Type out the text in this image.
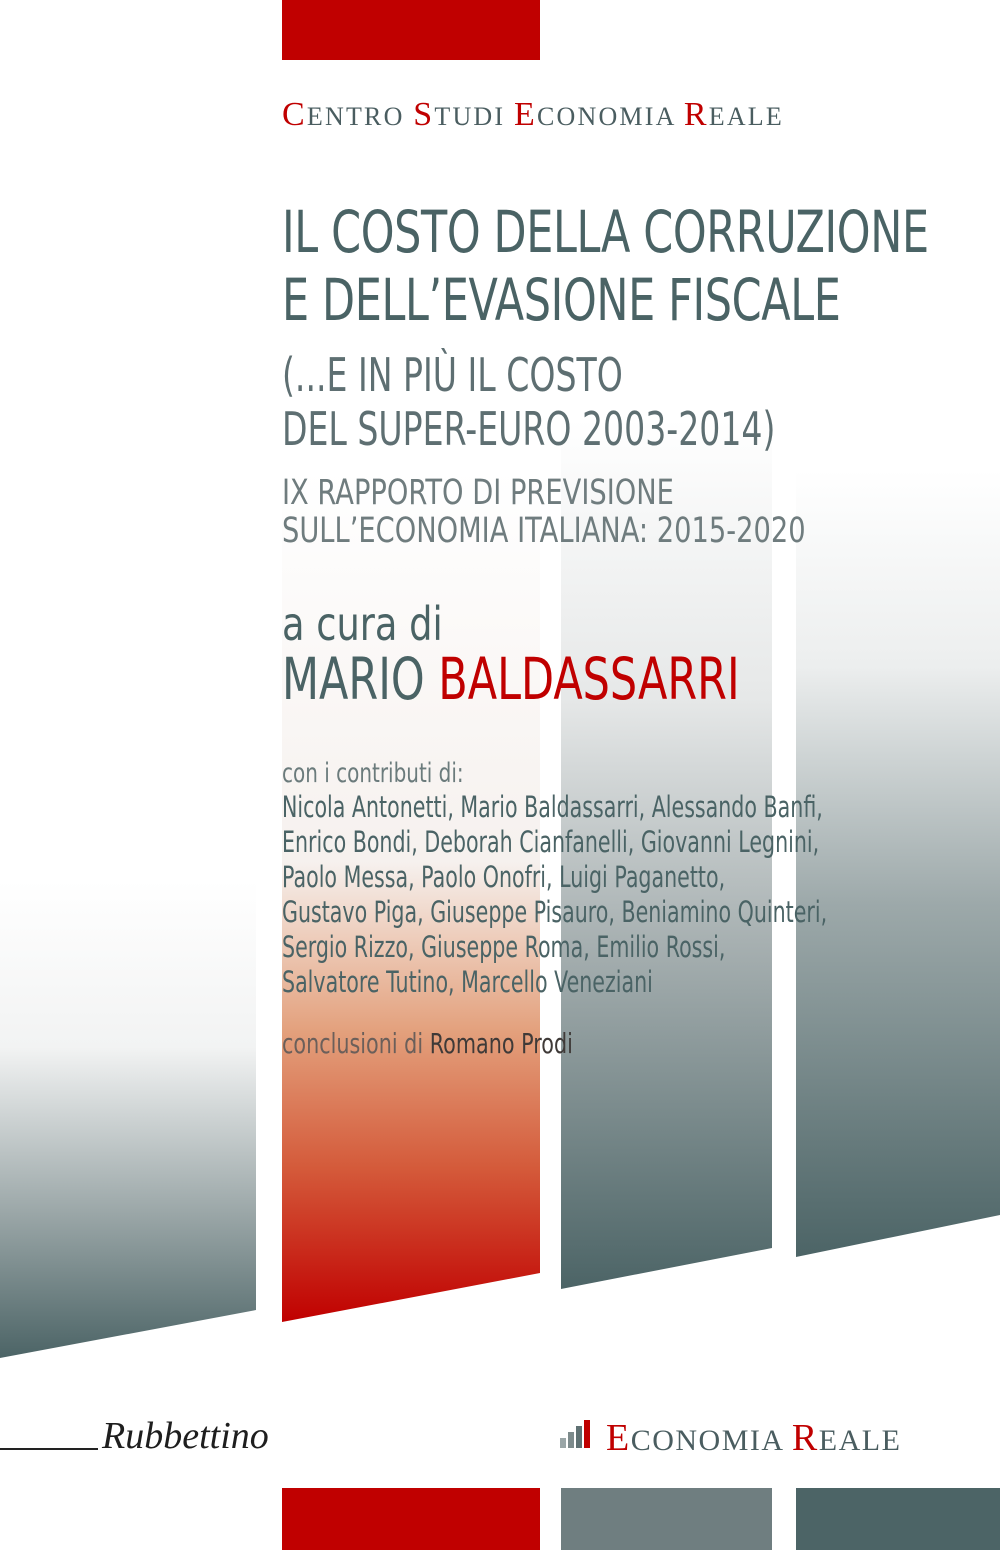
CENTRO STUDI ECONOMIA REALE
IL COSTO DELLA CORRUZIONE
E DELL’EVASIONE FISCALE
(...E IN PIÙ IL COSTO
DEL SUPER-EURO 2003-2014)
IX RAPPORTO DI PREVISIONE
SULL’ECONOMIA ITALIANA: 2015-2020
a cura di
MARIO BALDASSARRI
con i contributi di:
Nicola Antonetti, Mario Baldassarri, Alessando Banfi,
Enrico Bondi, Deborah Cianfanelli, Giovanni Legnini,
Paolo Messa, Paolo Onofri, Luigi Paganetto,
Gustavo Piga, Giuseppe Pisauro, Beniamino Quinteri,
Sergio Rizzo, Giuseppe Roma, Emilio Rossi,
Salvatore Tutino, Marcello Veneziani
conclusioni di Romano Prodi
Rubbettino	ECONOMIA REALE
